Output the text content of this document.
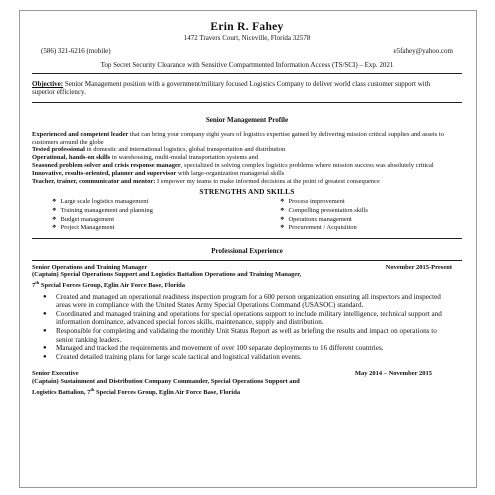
Erin R. Fahey
1472 Travers Court, Niceville, Florida 32578
(586) 321-6216 (mobile)	e5fahey@yahoo.com
Top Secret Security Clearance with Sensitive Compartmented Information Access (TS/SCI) – Exp. 2021
Objective: Senior Management position with a government/military focused Logistics Company to deliver world class customer support with superior efficiency.
Senior Management Profile

Experienced and competent leader that can bring your company eight years of logistics expertise gained by delivering mission critical supplies and assets to customers around the globe

Tested professional in domestic and international logistics, global transportation and distribution

Operational, hands-on skills in warehousing, multi-modal transportation systems and

Seasoned problem solver and crisis response manager, specialized in solving complex logistics problems where mission success was absolutely critical

Innovative, results-oriented, planner and supervisor with large-organization managerial skills

Teacher, trainer, communicator and mentor: I empower my teams to make informed decisions at the point of greatest consequence

STRENGTHS AND SKILLS
❖ Large scale logistics management
❖ Training management and planning
❖ Budget management
❖ Project Management
❖ Process improvement
❖ Compelling presentation skills
❖ Operations management
❖ Procurement / Acquisition
Professional Experience
Senior Operations and Training Manager	November 2015-Present
(Captain) Special Operations Support and Logistics Battalion Operations and Training Manager,
7th Special Forces Group, Eglin Air Force Base, Florida
● Created and managed an operational readiness inspection program for a 600 person organization ensuring all inspectors and inspected areas were in compliance with the United States Army Special Operations Command (USASOC) standard.
● Coordinated and managed training and operations for special operations support to include military intelligence, technical support and information dominance, advanced special forces skills, maintenance, supply and distribution.
● Responsible for completing and validating the monthly Unit Status Report as well as briefing the results and impact on operations to senior ranking leaders.
● Managed and tracked the requirements and movement of over 100 separate deployments to 16 different countries.
● Created detailed training plans for large scale tactical and logistical validation events.
Senior Executive	May 2014 – November 2015
(Captain) Sustainment and Distribution Company Commander, Special Operations Support and
Logistics Battalion, 7th Special Forces Group, Eglin Air Force Base, Florida
